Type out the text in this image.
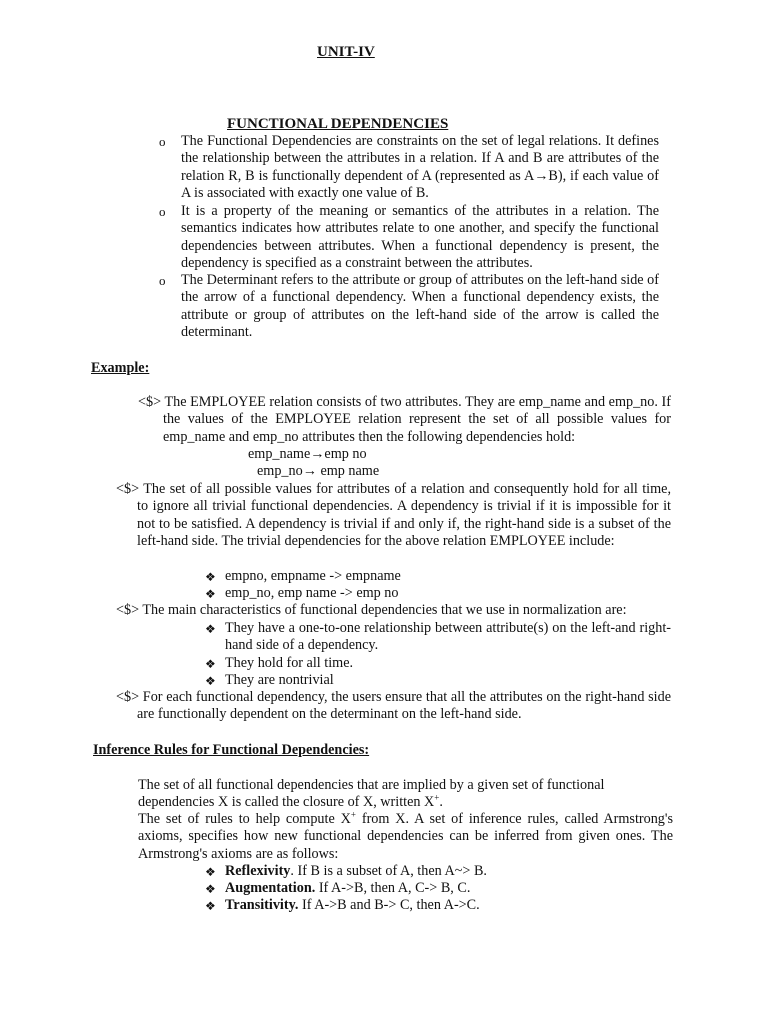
UNIT-IV
FUNCTIONAL DEPENDENCIES
o The Functional Dependencies are constraints on the set of legal relations. It defines the relationship between the attributes in a relation. If A and B are attributes of the relation R, B is functionally dependent of A (represented as A→B), if each value of A is associated with exactly one value of B.
o It is a property of the meaning or semantics of the attributes in a relation. The semantics indicates how attributes relate to one another, and specify the functional dependencies between attributes. When a functional dependency is present, the dependency is specified as a constraint between the attributes.
o The Determinant refers to the attribute or group of attributes on the left-hand side of the arrow of a functional dependency. When a functional dependency exists, the attribute or group of attributes on the left-hand side of the arrow is called the determinant.
Example:
<$> The EMPLOYEE relation consists of two attributes. They are emp_name and emp_no. If the values of the EMPLOYEE relation represent the set of all possible values for emp_name and emp_no attributes then the following dependencies hold:
emp_name→emp no
emp_no→ emp name
<$> The set of all possible values for attributes of a relation and consequently hold for all time, to ignore all trivial functional dependencies. A dependency is trivial if it is impossible for it not to be satisfied. A dependency is trivial if and only if, the right-hand side is a subset of the left-hand side. The trivial dependencies for the above relation EMPLOYEE include:
❖ empno, empname -> empname
❖ emp_no, emp name -> emp no
<$> The main characteristics of functional dependencies that we use in normalization are:
❖ They have a one-to-one relationship between attribute(s) on the left-and right-hand side of a dependency.
❖ They hold for all time.
❖ They are nontrivial
<$> For each functional dependency, the users ensure that all the attributes on the right-hand side are functionally dependent on the determinant on the left-hand side.
Inference Rules for Functional Dependencies:
The set of all functional dependencies that are implied by a given set of functional dependencies X is called the closure of X, written X+.
The set of rules to help compute X+ from X. A set of inference rules, called Armstrong's axioms, specifies how new functional dependencies can be inferred from given ones. The Armstrong's axioms are as follows:
❖ Reflexivity. If B is a subset of A, then A~> B.
❖ Augmentation. If A->B, then A, C-> B, C.
❖ Transitivity. If A->B and B-> C, then A->C.
